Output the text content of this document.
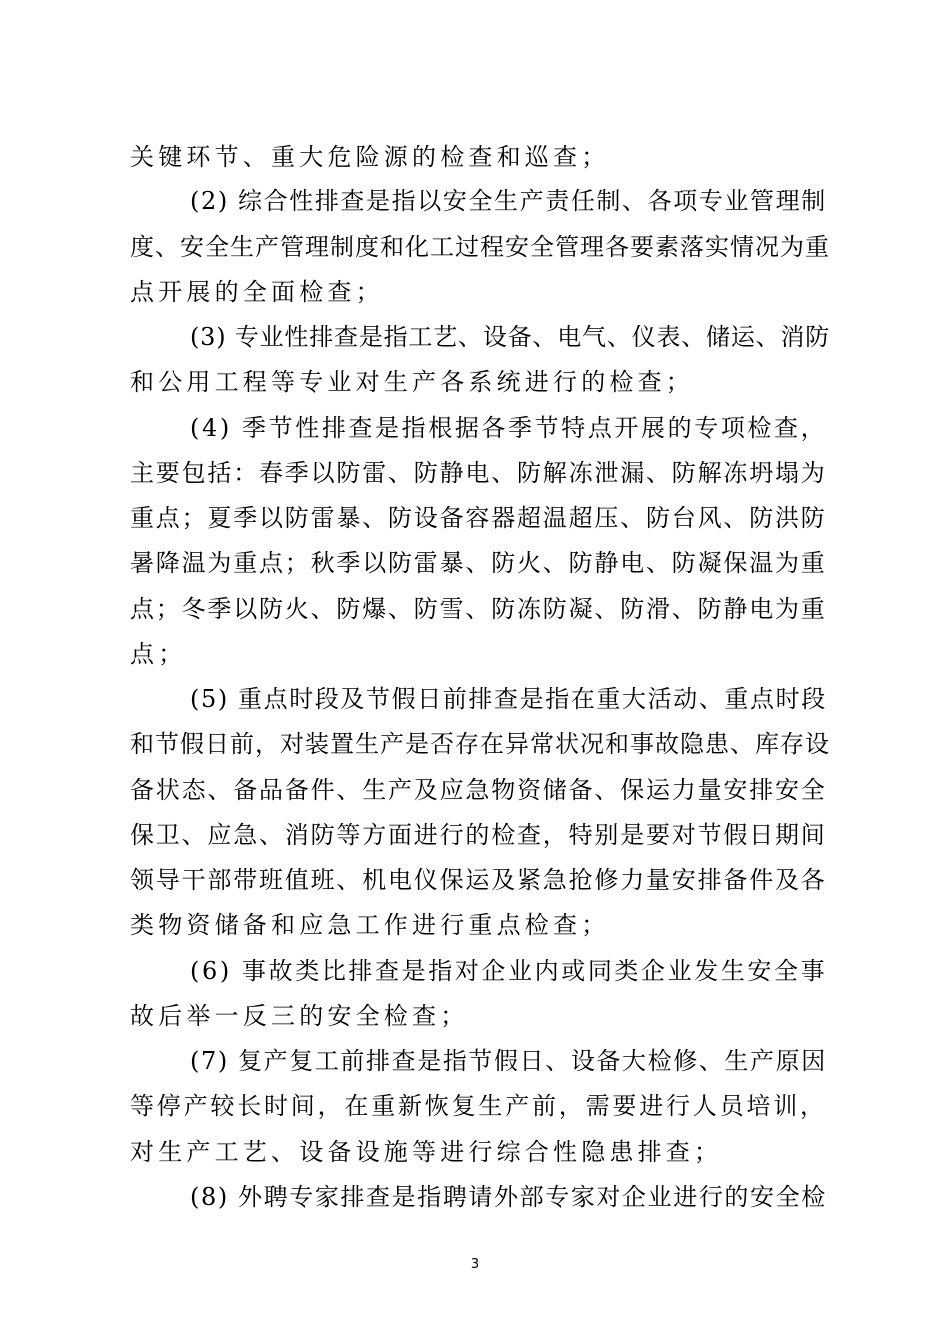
关键环节、重大危险源的检查和巡查；
(2) 综合性排查是指以安全生产责任制、各项专业管理制
度、安全生产管理制度和化工过程安全管理各要素落实情况为重
点开展的全面检查；
(3) 专业性排查是指工艺、设备、电气、仪表、储运、消防
和公用工程等专业对生产各系统进行的检查；
(4) 季节性排查是指根据各季节特点开展的专项检查，
主要包括：春季以防雷、防静电、防解冻泄漏、防解冻坍塌为
重点；夏季以防雷暴、防设备容器超温超压、防台风、防洪防
暑降温为重点；秋季以防雷暴、防火、防静电、防凝保温为重
点；冬季以防火、防爆、防雪、防冻防凝、防滑、防静电为重
点；
(5) 重点时段及节假日前排查是指在重大活动、重点时段
和节假日前，对装置生产是否存在异常状况和事故隐患、库存设
备状态、备品备件、生产及应急物资储备、保运力量安排安全
保卫、应急、消防等方面进行的检查，特别是要对节假日期间
领导干部带班值班、机电仪保运及紧急抢修力量安排备件及各
类物资储备和应急工作进行重点检查；
(6) 事故类比排查是指对企业内或同类企业发生安全事
故后举一反三的安全检查；
(7) 复产复工前排查是指节假日、设备大检修、生产原因
等停产较长时间，在重新恢复生产前，需要进行人员培训，
对生产工艺、设备设施等进行综合性隐患排查；
(8) 外聘专家排查是指聘请外部专家对企业进行的安全检
3
